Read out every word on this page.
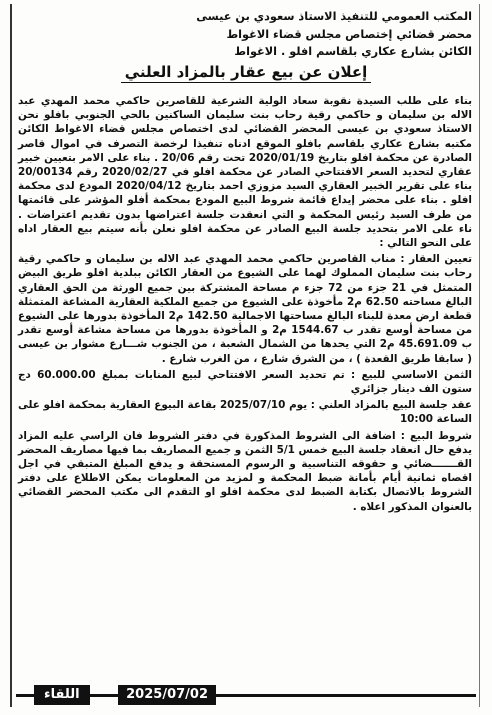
المكتب العمومي للتنفيذ الاستاذ سعودي بن عيسى
محضر قضائي إختصاص مجلس قضاء الاغواط
الكائن بشارع عكاري بلقاسم افلو . الاغواط
إعلان عن بيع عقار بالمزاد العلني

بناء على طلب السيدة نقوبة سعاد الولية الشرعية للقاصرين حاكمي محمد المهدي عبد الاله بن سليمان و حاكمي رقية رحاب بنت سليمان الساكنين بالحي الجنوبي بافلو نحن الاستاذ سعودي بن عيسى المحضر القضائي لدى اختصاص مجلس قضاء الاغواط الكائن مكتبه بشارع عكاري بلقاسم بافلو الموقع ادناه تنفيذا لرخصة التصرف في اموال قاصر الصادرة عن محكمة افلو بتاريخ 2020/01/19 تحت رقم 20/06 . بناء على الامر بتعيين خبير عقاري لتحديد السعر الافتتاحي الصادر عن محكمة افلو في 2020/02/27 رقم 20/00134 بناء على تقرير الخبير العقاري السيد مزوزي احمد بتاريخ 2020/04/12 المودع لدى محكمة افلو . بناء على محضر إيداع قائمة شروط البيع المودع بمحكمة أفلو المؤشر على قائمتها من طرف السيد رئيس المحكمة و التي انعقدت جلسة اعتراضها بدون تقديم اعتراضات . ناء على الامر بتحديد جلسة البيع الصادر عن محكمة افلو نعلن بأنه سيتم بيع العقار اداه على النحو التالي :

تعيين العقار : مناب القاصرين حاكمي محمد المهدي عبد الاله بن سليمان و حاكمي رقية رحاب بنت سليمان المملوك لهما على الشيوع من العقار الكائن ببلدية افلو طريق البيض المتمثل في 21 جزء من 72 جزء م مساحة المشتركة بين جميع الورثة من الحق العقاري البالغ مساحته 62.50 م2 مأخوذة على الشيوع من جميع الملكية العقارية المشاعة المتمثلة قطعة ارض معدة للبناء البالغ مساحتها الاجمالية 142.50 م2 المأخوذة بدورها على الشيوع من مساحة أوسع تقدر ب 1544.67 م2 و المأخوذة بدورها من مساحة مشاعة أوسع تقدر ب 45.691.09 م2 التي يحدها من الشمال الشعبة ، من الجنوب شـــارع مشوار بن عيسى ( سابقا طريق القعدة ) ، من الشرق شارع ، من الغرب شارع .

الثمن الاساسي للبيع : تم تحديد السعر الافتتاحي لبيع المنابات بمبلغ 60.000.00 دج ستون الف دينار جزائري

عقد جلسة البيع بالمزاد العلني : يوم 2025/07/10 بقاعة البيوع العقارية بمحكمة افلو على الساعة 10:00

شروط البيع : اضافة الى الشروط المذكورة في دفتر الشروط فان الراسي عليه المزاد يدفع حال انعقاد جلسة البيع خمس 5/1 الثمن و جميع المصاريف بما فيها مصاريف المحضر القـــــــضائي و حقوقه التناسبية و الرسوم المستحقة و يدفع المبلغ المتبقي في اجل اقصاه ثمانية أيام بأمانة ضبط المحكمة و لمزيد من المعلومات يمكن الاطلاع على دفتر الشروط بالاتصال بكتابة الضبط لدى محكمة افلو او التقدم الى مكتب المحضر القضائي بالعنوان المذكور اعلاه .

2025/07/02
اللقاء
